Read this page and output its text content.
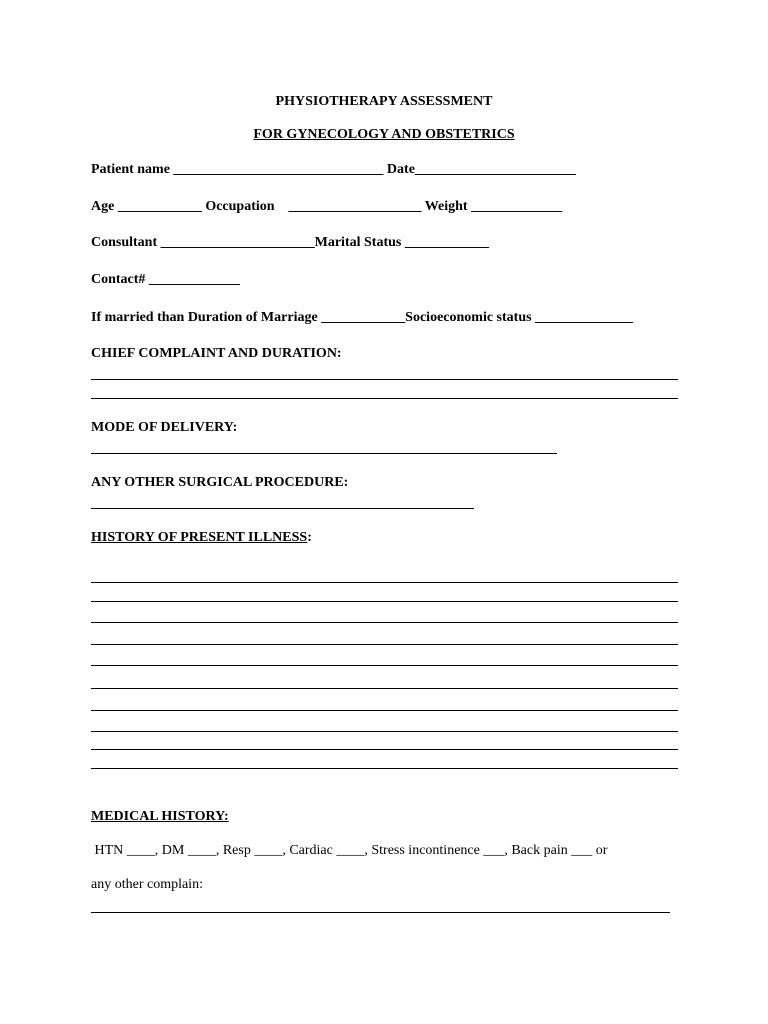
PHYSIOTHERAPY ASSESSMENT
FOR GYNECOLOGY AND OBSTETRICS
Patient name ______________________________ Date_______________________
Age ____________ Occupation    ___________________ Weight _____________
Consultant ______________________Marital Status ____________
Contact# _____________
If married than Duration of Marriage ____________Socioeconomic status ______________
CHIEF COMPLAINT AND DURATION:
MODE OF DELIVERY:
ANY OTHER SURGICAL PROCEDURE:
HISTORY OF PRESENT ILLNESS:
MEDICAL HISTORY:
HTN ____, DM ____, Resp ____, Cardiac ____, Stress incontinence ___, Back pain ___ or
any other complain:
